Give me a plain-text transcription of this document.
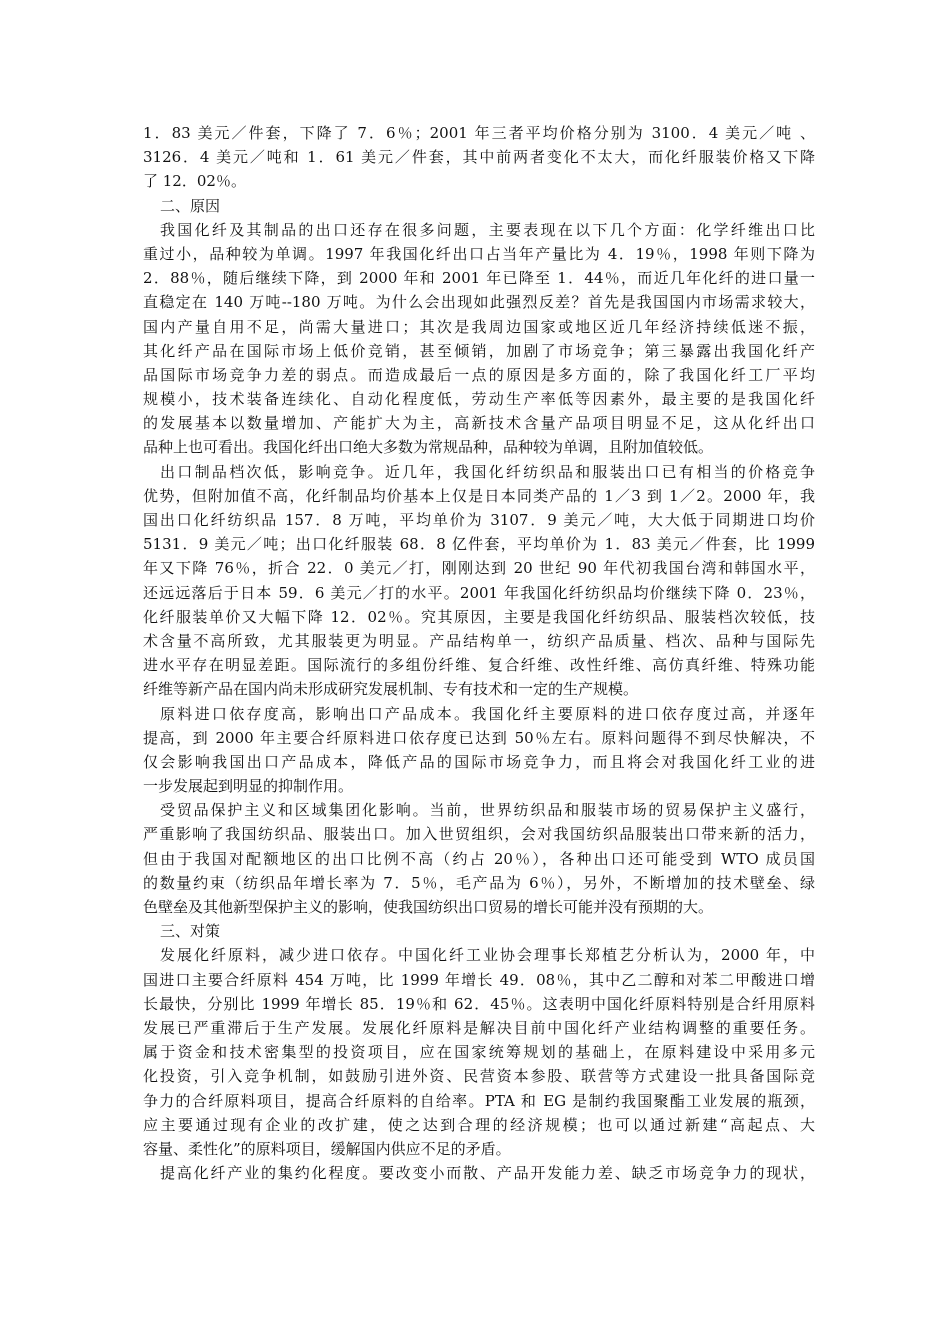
1．83 美元／件套，下降了 7．6％；2001 年三者平均价格分别为 3100．4 美元／吨 、
3126．4 美元／吨和 1．61 美元／件套，其中前两者变化不太大，而化纤服装价格又下降
了 12．02％。
二、原因
我国化纤及其制品的出口还存在很多问题，主要表现在以下几个方面：化学纤维出口比
重过小，品种较为单调。1997 年我国化纤出口占当年产量比为 4．19％，1998 年则下降为
2．88％，随后继续下降，到 2000 年和 2001 年已降至 1．44％，而近几年化纤的进口量一
直稳定在 140 万吨--180 万吨。为什么会出现如此强烈反差？首先是我国国内市场需求较大，
国内产量自用不足，尚需大量进口；其次是我周边国家或地区近几年经济持续低迷不振，
其化纤产品在国际市场上低价竞销，甚至倾销，加剧了市场竞争；第三暴露出我国化纤产
品国际市场竞争力差的弱点。而造成最后一点的原因是多方面的，除了我国化纤工厂平均
规模小，技术装备连续化、自动化程度低，劳动生产率低等因素外，最主要的是我国化纤
的发展基本以数量增加、产能扩大为主，高新技术含量产品项目明显不足，这从化纤出口
品种上也可看出。我国化纤出口绝大多数为常规品种，品种较为单调，且附加值较低。
出口制品档次低，影响竞争。近几年，我国化纤纺织品和服装出口已有相当的价格竞争
优势，但附加值不高，化纤制品均价基本上仅是日本同类产品的 1／3 到 1／2。2000 年，我
国出口化纤纺织品 157．8 万吨，平均单价为 3107．9 美元／吨，大大低于同期进口均价
5131．9 美元／吨；出口化纤服装 68．8 亿件套，平均单价为 1．83 美元／件套，比 1999
年又下降 76％，折合 22．0 美元／打，刚刚达到 20 世纪 90 年代初我国台湾和韩国水平，
还远远落后于日本 59．6 美元／打的水平。2001 年我国化纤纺织品均价继续下降 0．23％，
化纤服装单价又大幅下降 12．02％。究其原因，主要是我国化纤纺织品、服装档次较低，技
术含量不高所致，尤其服装更为明显。产品结构单一，纺织产品质量、档次、品种与国际先
进水平存在明显差距。国际流行的多组份纤维、复合纤维、改性纤维、高仿真纤维、特殊功能
纤维等新产品在国内尚未形成研究发展机制、专有技术和一定的生产规模。
原料进口依存度高，影响出口产品成本。我国化纤主要原料的进口依存度过高，并逐年
提高，到 2000 年主要合纤原料进口依存度已达到 50％左右。原料问题得不到尽快解决，不
仅会影响我国出口产品成本，降低产品的国际市场竞争力，而且将会对我国化纤工业的进
一步发展起到明显的抑制作用。
受贸品保护主义和区域集团化影响。当前，世界纺织品和服装市场的贸易保护主义盛行，
严重影响了我国纺织品、服装出口。加入世贸组织，会对我国纺织品服装出口带来新的活力，
但由于我国对配额地区的出口比例不高（约占 20％），各种出口还可能受到 WTO 成员国
的数量约束（纺织品年增长率为 7．5％，毛产品为 6％），另外，不断增加的技术壁垒、绿
色壁垒及其他新型保护主义的影响，使我国纺织出口贸易的增长可能并没有预期的大。
三、对策
发展化纤原料，减少进口依存。中国化纤工业协会理事长郑植艺分析认为，2000 年，中
国进口主要合纤原料 454 万吨，比 1999 年增长 49．08％，其中乙二醇和对苯二甲酸进口增
长最快，分别比 1999 年增长 85．19％和 62．45％。这表明中国化纤原料特别是合纤用原料
发展已严重滞后于生产发展。发展化纤原料是解决目前中国化纤产业结构调整的重要任务。
属于资金和技术密集型的投资项目，应在国家统筹规划的基础上，在原料建设中采用多元
化投资，引入竞争机制，如鼓励引进外资、民营资本参股、联营等方式建设一批具备国际竞
争力的合纤原料项目，提高合纤原料的自给率。PTA 和 EG 是制约我国聚酯工业发展的瓶颈，
应主要通过现有企业的改扩建，使之达到合理的经济规模；也可以通过新建“高起点、大
容量、柔性化”的原料项目，缓解国内供应不足的矛盾。
提高化纤产业的集约化程度。要改变小而散、产品开发能力差、缺乏市场竞争力的现状，
